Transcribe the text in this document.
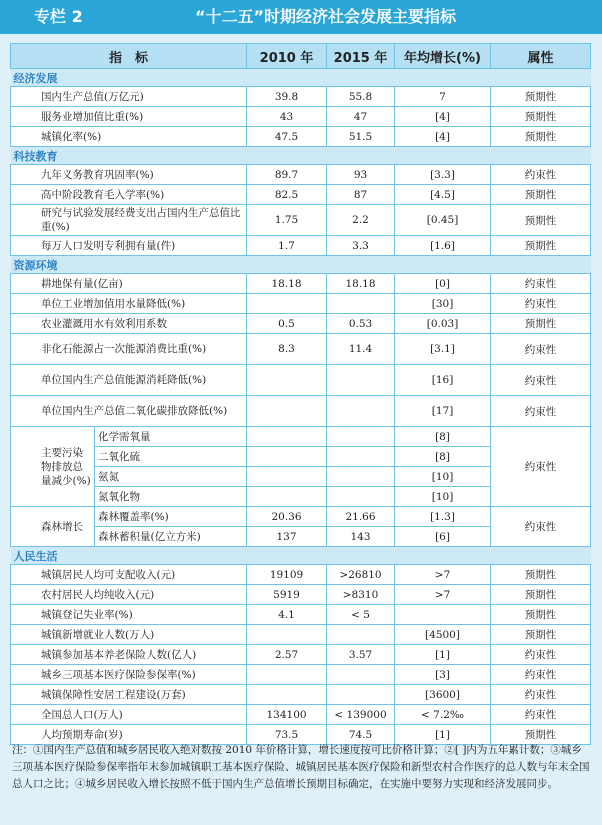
专栏 2	“十二五”时期经济社会发展主要指标
指　标		2010 年	2015 年	年均增长(%)	属性
经济发展					
国内生产总值(万亿元)		39.8	55.8	7	预期性
服务业增加值比重(%)		43	47	[4]	预期性
城镇化率(%)		47.5	51.5	[4]	预期性
科技教育					
九年义务教育巩固率(%)		89.7	93	[3.3]	约束性
高中阶段教育毛入学率(%)		82.5	87	[4.5]	预期性
研究与试验发展经费支出占国内生产总值比重(%)		1.75	2.2	[0.45]	预期性
每万人口发明专利拥有量(件)		1.7	3.3	[1.6]	预期性
资源环境					
耕地保有量(亿亩)		18.18	18.18	[0]	约束性
单位工业增加值用水量降低(%)				[30]	约束性
农业灌溉用水有效利用系数		0.5	0.53	[0.03]	预期性
非化石能源占一次能源消费比重(%)		8.3	11.4	[3.1]	约束性
单位国内生产总值能源消耗降低(%)				[16]	约束性
单位国内生产总值二氧化碳排放降低(%)				[17]	约束性
主要污染物排放总量减少(%)	化学需氧量			[8]	约束性
	二氧化硫			[8]	
	氨氮			[10]	
	氮氧化物			[10]	
森林增长	森林覆盖率(%)	20.36	21.66	[1.3]	约束性
	森林蓄积量(亿立方米)	137	143	[6]	
人民生活					
城镇居民人均可支配收入(元)		19109	>26810	>7	预期性
农村居民人均纯收入(元)		5919	>8310	>7	预期性
城镇登记失业率(%)		4.1	< 5		预期性
城镇新增就业人数(万人)				[4500]	预期性
城镇参加基本养老保险人数(亿人)		2.57	3.57	[1]	约束性
城乡三项基本医疗保险参保率(%)				[3]	约束性
城镇保障性安居工程建设(万套)				[3600]	约束性
全国总人口(万人)		134100	< 139000	< 7.2‰	约束性
人均预期寿命(岁)		73.5	74.5	[1]	预期性
注：①国内生产总值和城乡居民收入绝对数按 2010 年价格计算，增长速度按可比价格计算；②[ ]内为五年累计数；③城乡三项基本医疗保险参保率指年末参加城镇职工基本医疗保险、城镇居民基本医疗保险和新型农村合作医疗的总人数与年末全国总人口之比；④城乡居民收入增长按照不低于国内生产总值增长预期目标确定，在实施中要努力实现和经济发展同步。
